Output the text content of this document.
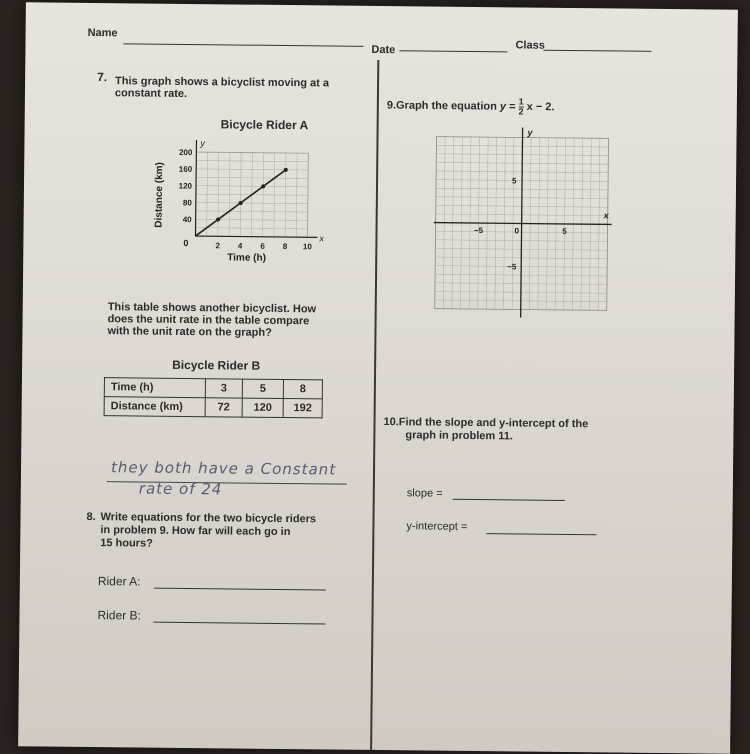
Name
Date	Class
7. This graph shows a bicyclist moving at a
constant rate.
Bicycle Rider A
y
x
0	2 4 6 8 10
40
80
120
160
200
Time (h)
Distance (km)
This table shows another bicyclist. How
does the unit rate in the table compare
with the unit rate on the graph?
Bicycle Rider B
Time (h)	3	5	8
Distance (km)	72	120	192
they both have a Constant
rate of 24
8. Write equations for the two bicycle riders
in problem 9. How far will each go in
15 hours?
Rider A:
Rider B:
9.Graph the equation $y = \frac{1}{2}$ x − 2.
y
x
−5	5
0
5
−5
10.Find the slope and y-intercept of the
graph in problem 11.
slope =
y-intercept =
